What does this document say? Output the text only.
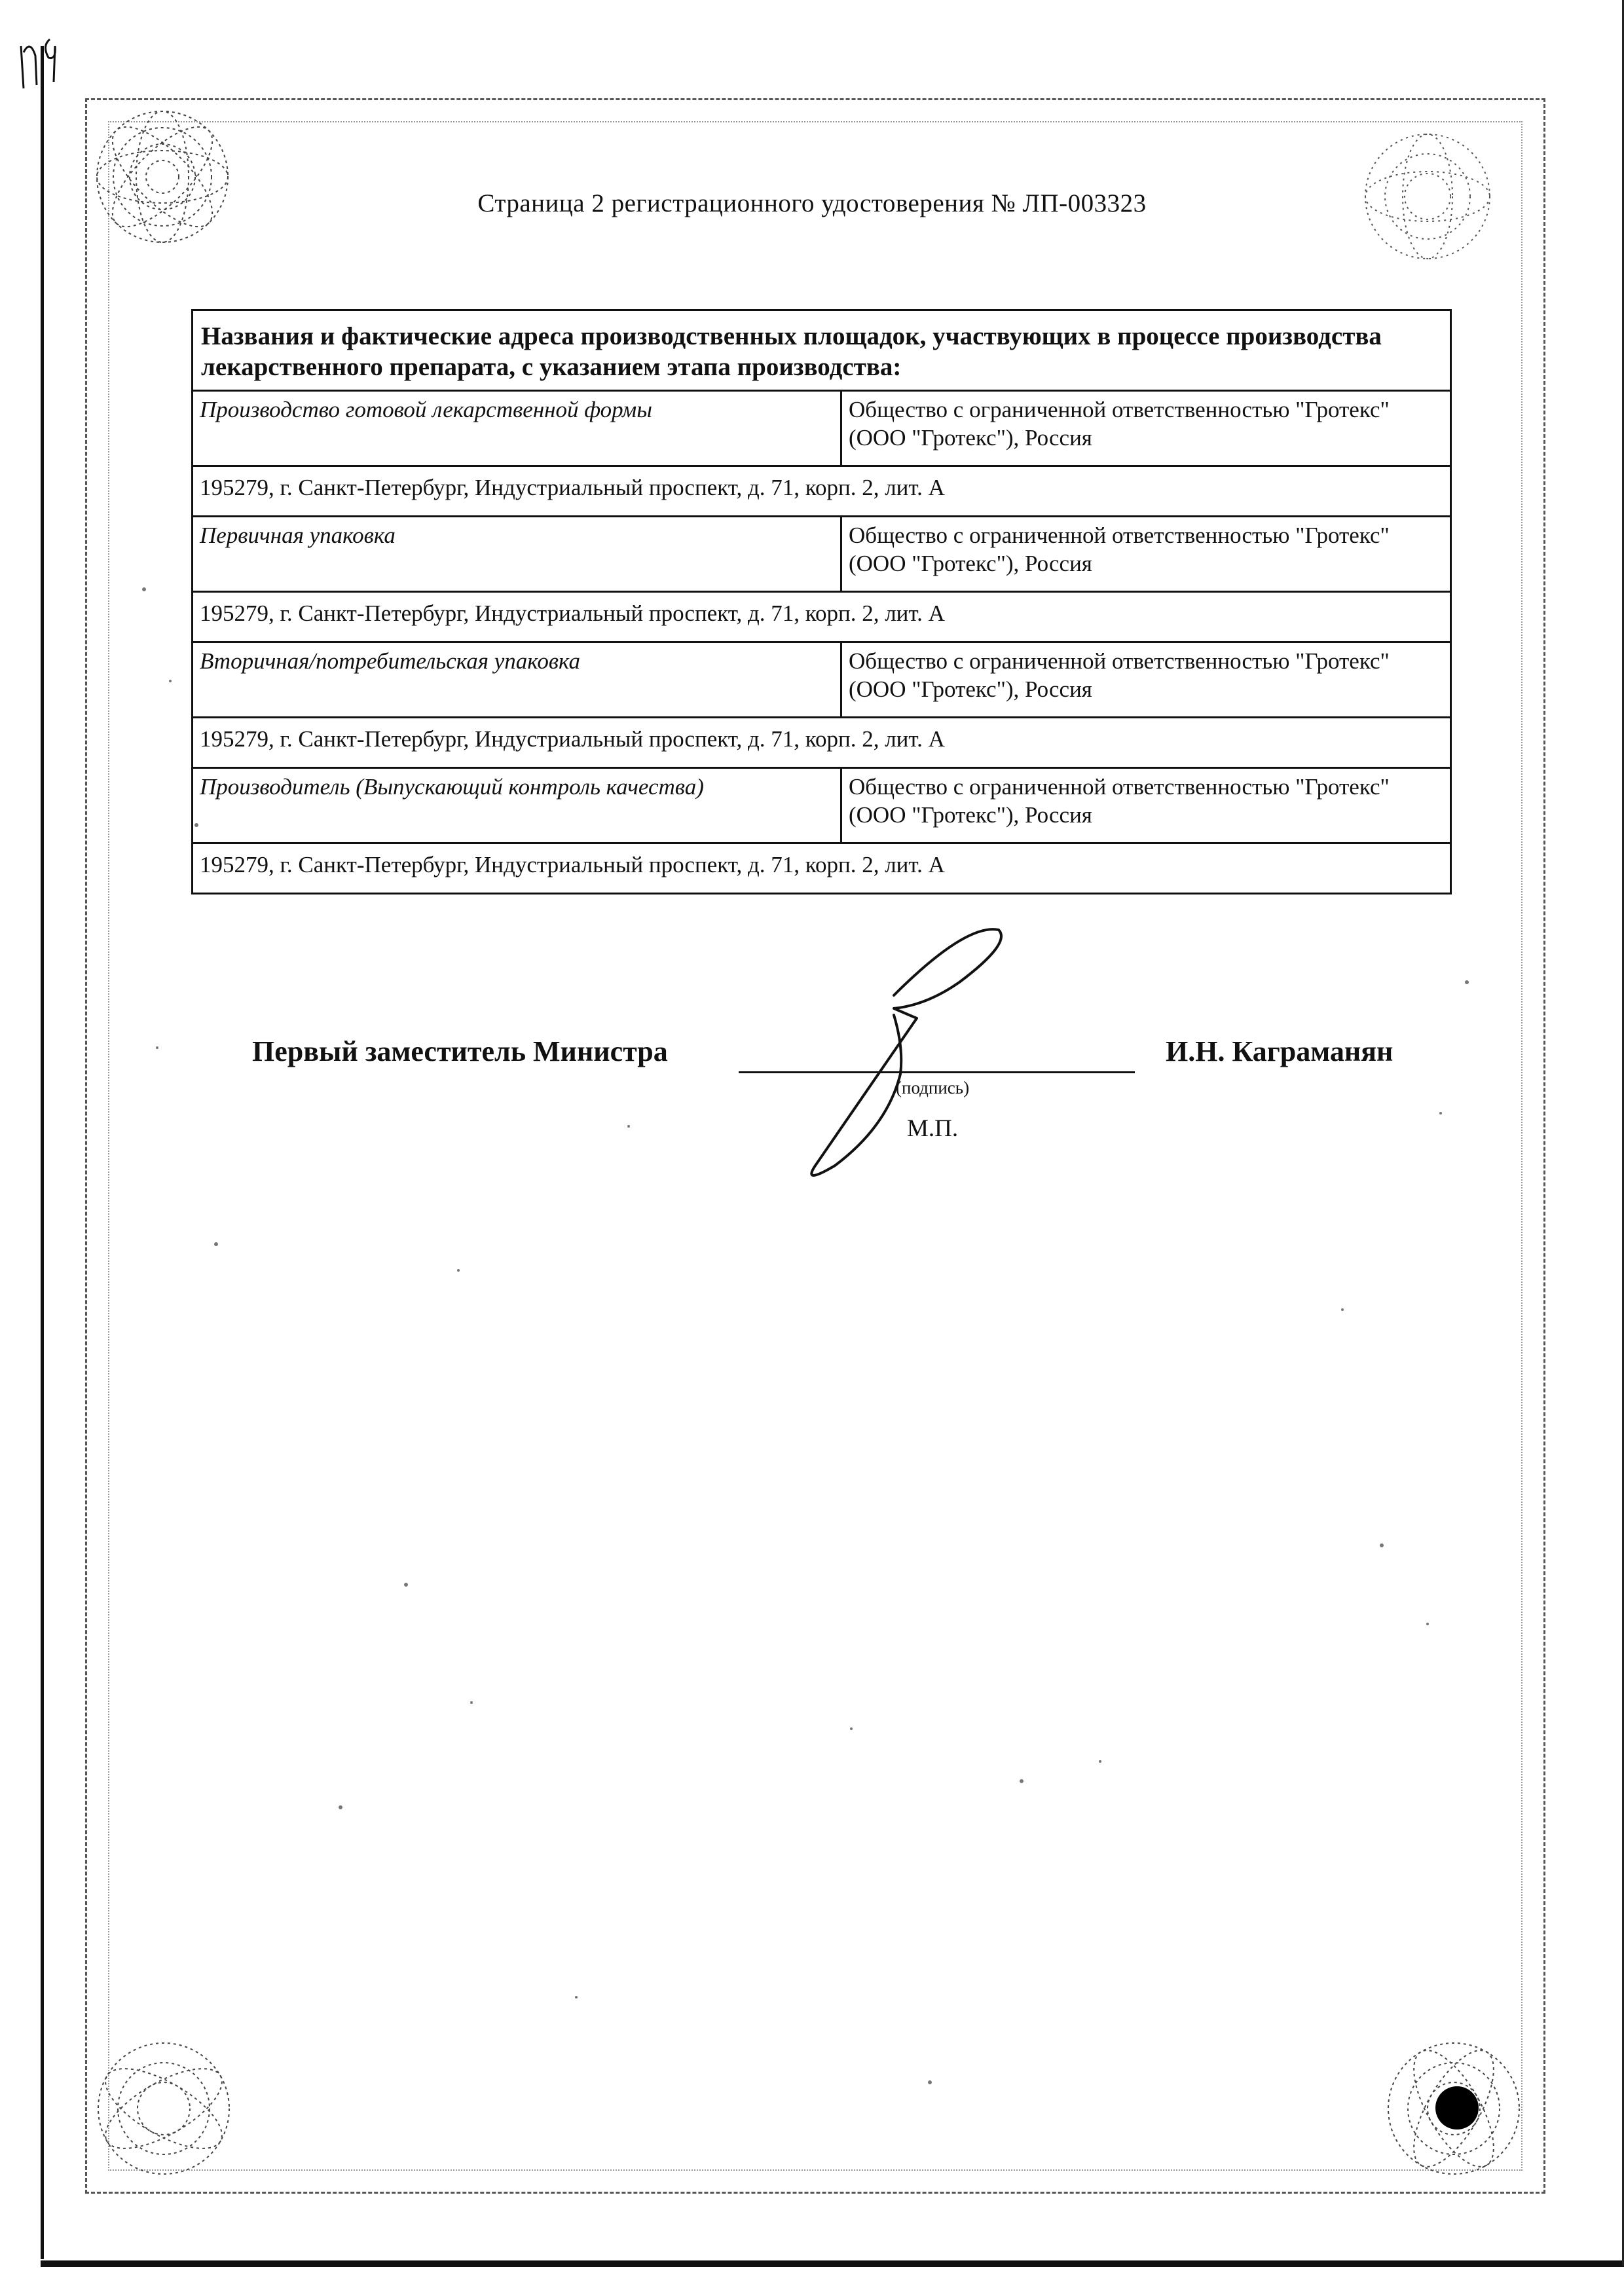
Страница 2 регистрационного удостоверения № ЛП-003323
Названия и фактические адреса производственных площадок, участвующих в процессе производства лекарственного препарата, с указанием этапа производства:	
Производство готовой лекарственной формы	Общество с ограниченной ответственностью "Гротекс" (ООО "Гротекс"), Россия
195279, г. Санкт-Петербург, Индустриальный проспект, д. 71, корп. 2, лит. А	
Первичная упаковка	Общество с ограниченной ответственностью "Гротекс" (ООО "Гротекс"), Россия
195279, г. Санкт-Петербург, Индустриальный проспект, д. 71, корп. 2, лит. А	
Вторичная/потребительская упаковка	Общество с ограниченной ответственностью "Гротекс" (ООО "Гротекс"), Россия
195279, г. Санкт-Петербург, Индустриальный проспект, д. 71, корп. 2, лит. А	
Производитель (Выпускающий контроль качества)	Общество с ограниченной ответственностью "Гротекс" (ООО "Гротекс"), Россия
195279, г. Санкт-Петербург, Индустриальный проспект, д. 71, корп. 2, лит. А	
Первый заместитель Министра
(подпись)
М.П.
И.Н. Каграманян
